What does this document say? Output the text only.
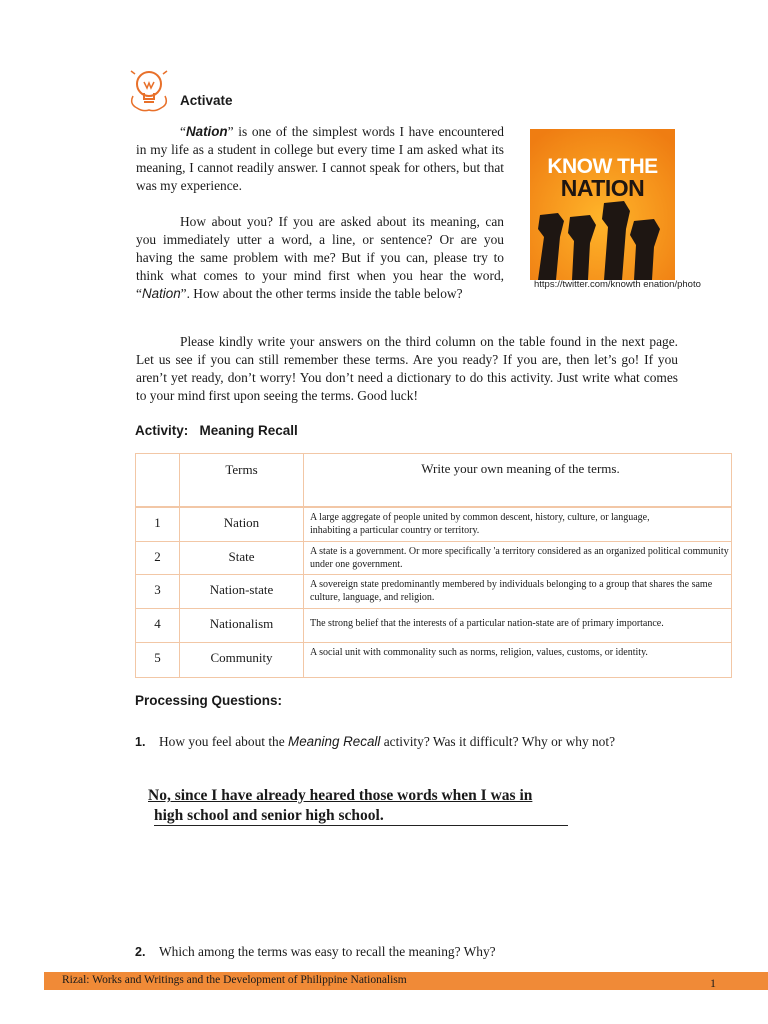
Activate

“Nation” is one of the simplest words I have encountered in my life as a student in college but every time I am asked what its meaning, I cannot readily answer. I cannot speak for others, but that was my experience.

How about you? If you are asked about its meaning, can you immediately utter a word, a line, or sentence? Or are you having the same problem with me? But if you can, please try to think what comes to your mind first when you hear the word, “Nation”. How about the other terms inside the table below?

Please kindly write your answers on the third column on the table found in the next page. Let us see if you can still remember these terms. Are you ready? If you are, then let’s go! If you aren’t yet ready, don’t worry! You don’t need a dictionary to do this activity. Just write what comes to your mind first upon seeing the terms. Good luck!

KNOW THE
NATION
https://twitter.com/knowth enation/photo
Activity:   Meaning Recall
	Terms	Write your own meaning of the terms.
1	Nation	A large aggregate of people united by common descent, history, culture, or language, inhabiting a particular country or territory.
2	State	A state is a government. Or more specifically 'a territory considered as an organized political community under one government.
3	Nation-state	A sovereign state predominantly membered by individuals belonging to a group that shares the same culture, language, and religion.
4	Nationalism	The strong belief that the interests of a particular nation-state are of primary importance.
5	Community	A social unit with commonality such as norms, religion, values, customs, or identity.
Processing Questions:
1. How you feel about the Meaning Recall activity? Was it difficult? Why or why not?
No, since I have already heared those words when I was in
high school and senior high school.
2. Which among the terms was easy to recall the meaning? Why?
Rizal: Works and Writings and the Development of Philippine Nationalism	1
